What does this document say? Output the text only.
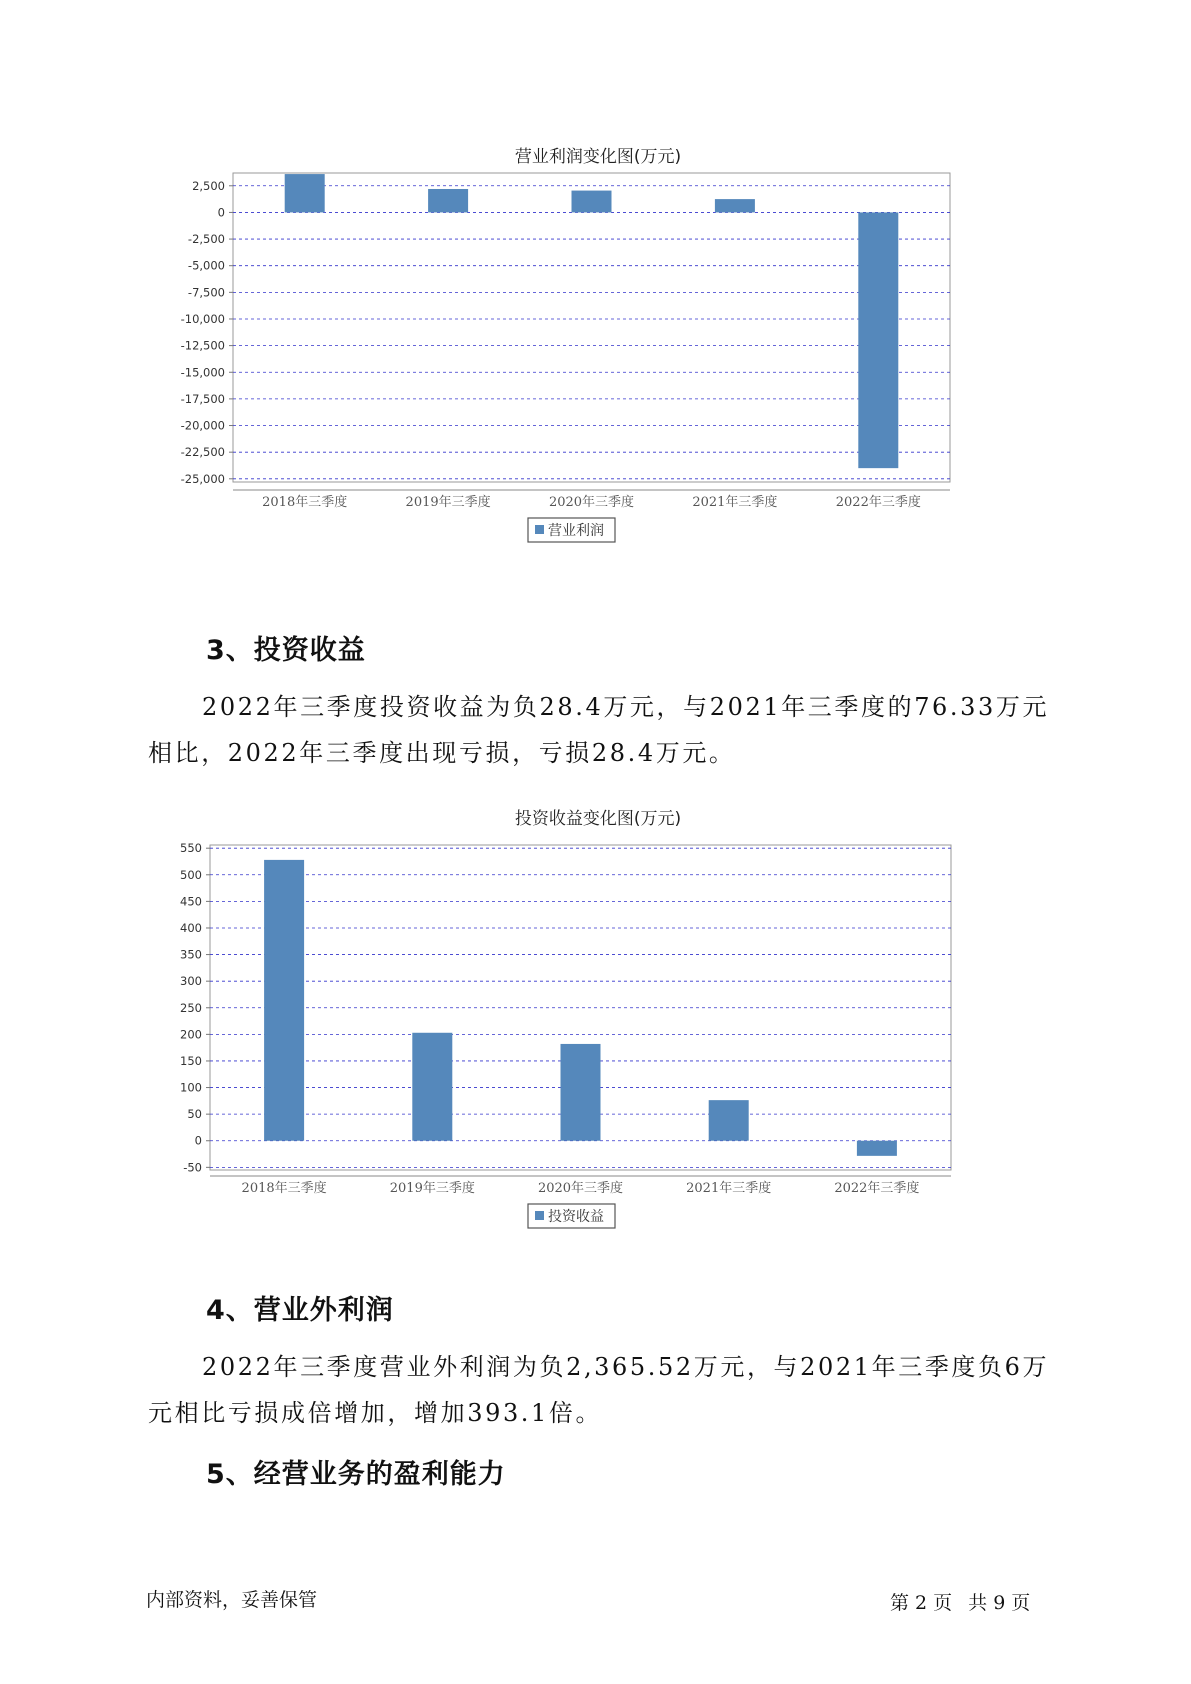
营业利润变化图(万元)
2,500
0
-2,500
-5,000
-7,500
-10,000
-12,500
-15,000
-17,500
-20,000
-22,500
-25,000
2018年三季度	2019年三季度	2020年三季度	2021年三季度	2022年三季度
营业利润
3、投资收益

2022年三季度投资收益为负28.4万元，与2021年三季度的76.33万元相比，2022年三季度出现亏损，亏损28.4万元。

投资收益变化图(万元)
550
500
450
400
350
300
250
200
150
100
50
0
-50
2018年三季度	2019年三季度	2020年三季度	2021年三季度	2022年三季度
投资收益
4、营业外利润

2022年三季度营业外利润为负2,365.52万元，与2021年三季度负6万元相比亏损成倍增加，增加393.1倍。

5、经营业务的盈利能力
内部资料，妥善保管	第 2 页 共 9 页
